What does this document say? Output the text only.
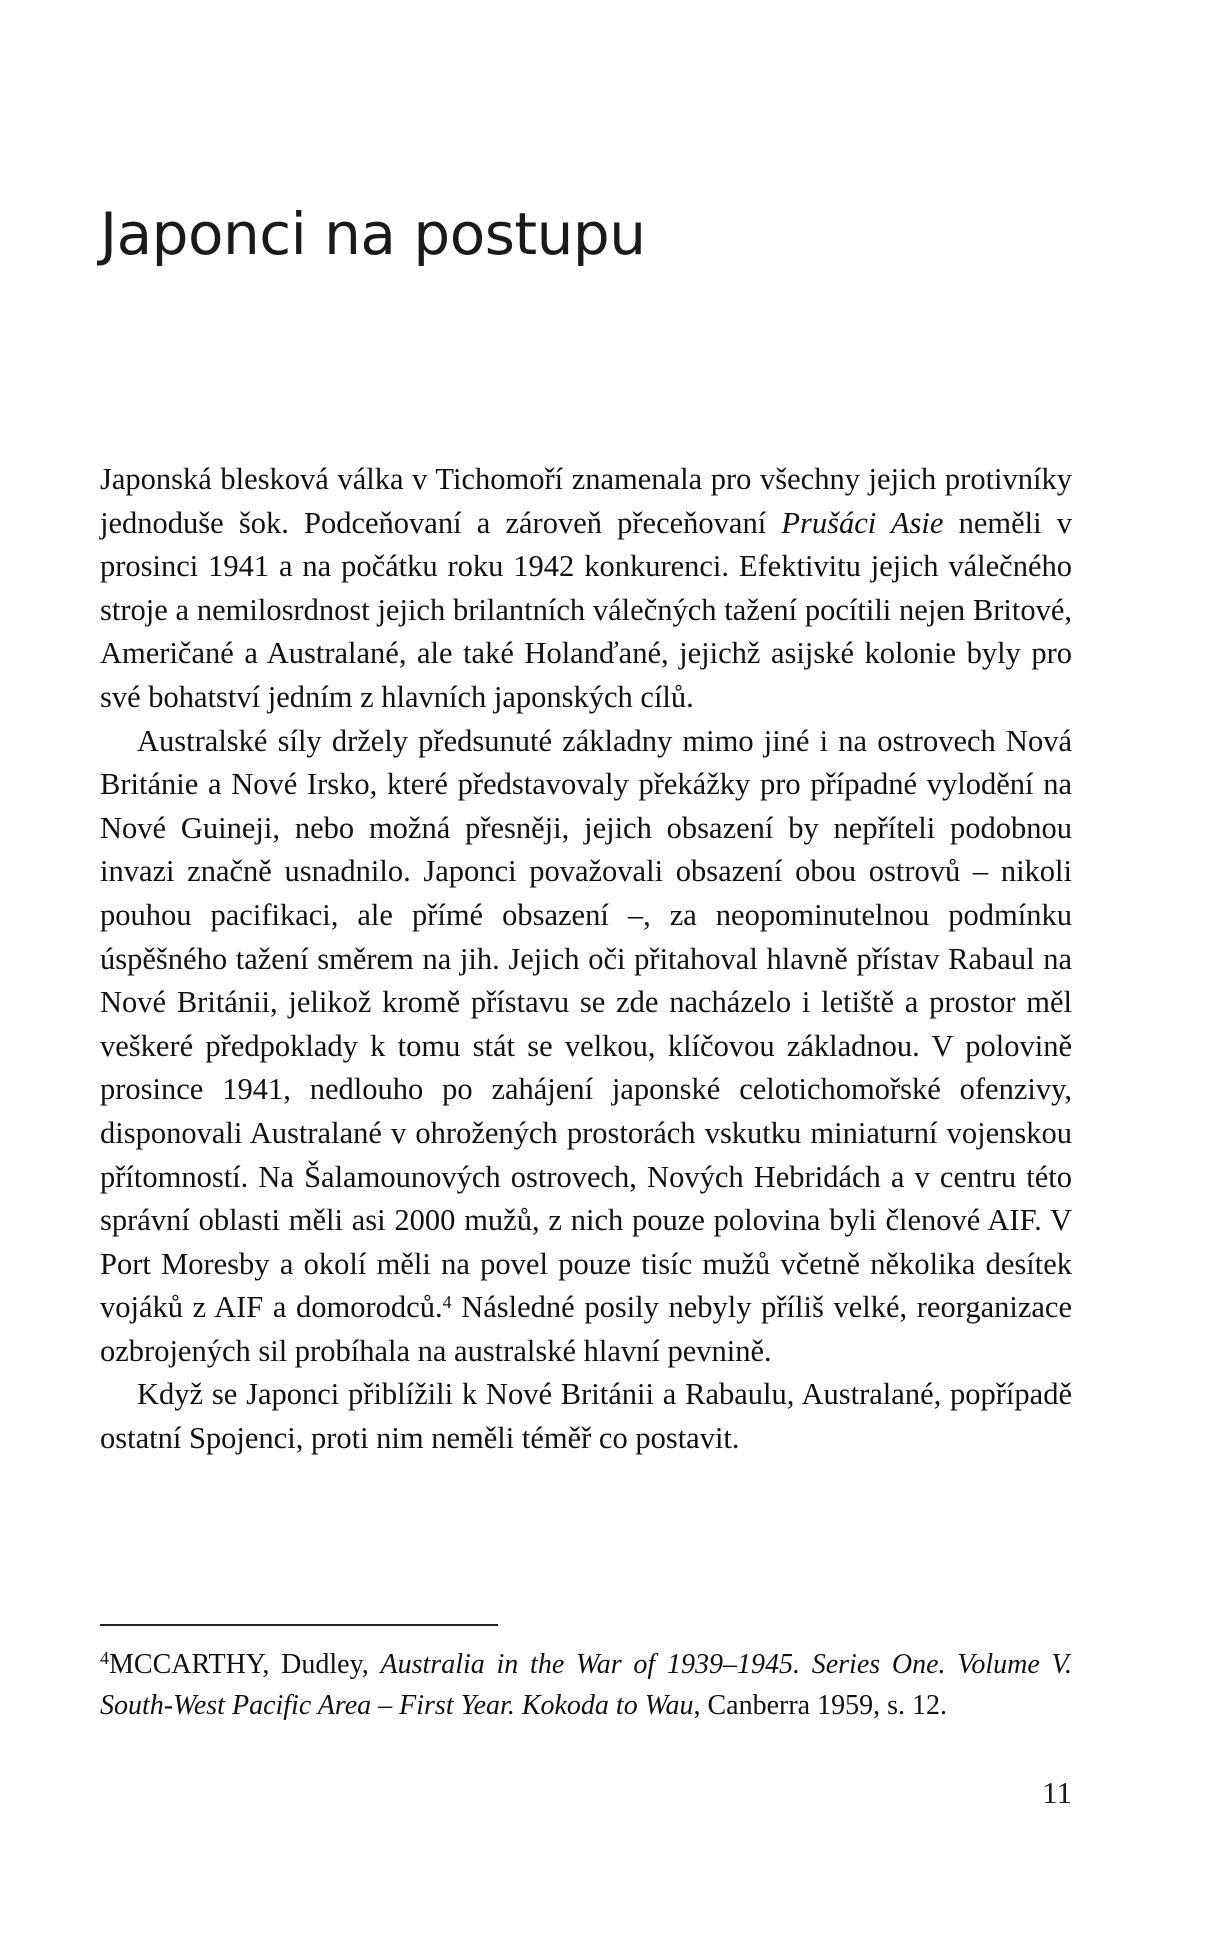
Japonci na postupu

Japonská blesková válka v Tichomoří znamenala pro všechny jejich protivníky jednoduše šok. Podceňovaní a zároveň přeceňovaní Prušáci Asie neměli v prosinci 1941 a na počátku roku 1942 konkurenci. Efektivitu jejich válečného stroje a nemilosrdnost jejich brilantních válečných tažení pocítili nejen Britové, Američané a Australané, ale také Holanďané, jejichž asijské kolonie byly pro své bohatství jedním z hlavních japonských cílů.

Australské síly držely předsunuté základny mimo jiné i na ostrovech Nová Británie a Nové Irsko, které představovaly překážky pro případné vylodění na Nové Guineji, nebo možná přesněji, jejich obsazení by nepříteli podobnou invazi značně usnadnilo. Japonci považovali obsazení obou ostrovů – nikoli pouhou pacifikaci, ale přímé obsazení –, za neopominutelnou podmínku úspěšného tažení směrem na jih. Jejich oči přitahoval hlavně přístav Rabaul na Nové Británii, jelikož kromě přístavu se zde nacházelo i letiště a prostor měl veškeré předpoklady k tomu stát se velkou, klíčovou základnou. V polovině prosince 1941, nedlouho po zahájení japonské celotichomořské ofenzivy, disponovali Australané v ohrožených prostorách vskutku miniaturní vojenskou přítomností. Na Šalamounových ostrovech, Nových Hebridách a v centru této správní oblasti měli asi 2000 mužů, z nich pouze polovina byli členové AIF. V Port Moresby a okolí měli na povel pouze tisíc mužů včetně několika desítek vojáků z AIF a domorodců.$^4$ Následné posily nebyly příliš velké, reorganizace ozbrojených sil probíhala na australské hlavní pevnině.

Když se Japonci přiblížili k Nové Británii a Rabaulu, Australané, popřípadě ostatní Spojenci, proti nim neměli téměř co postavit.

$^4$MCCARTHY, Dudley, Australia in the War of 1939–1945. Series One. Volume V. South-West Pacific Area – First Year. Kokoda to Wau, Canberra 1959, s. 12.

11
